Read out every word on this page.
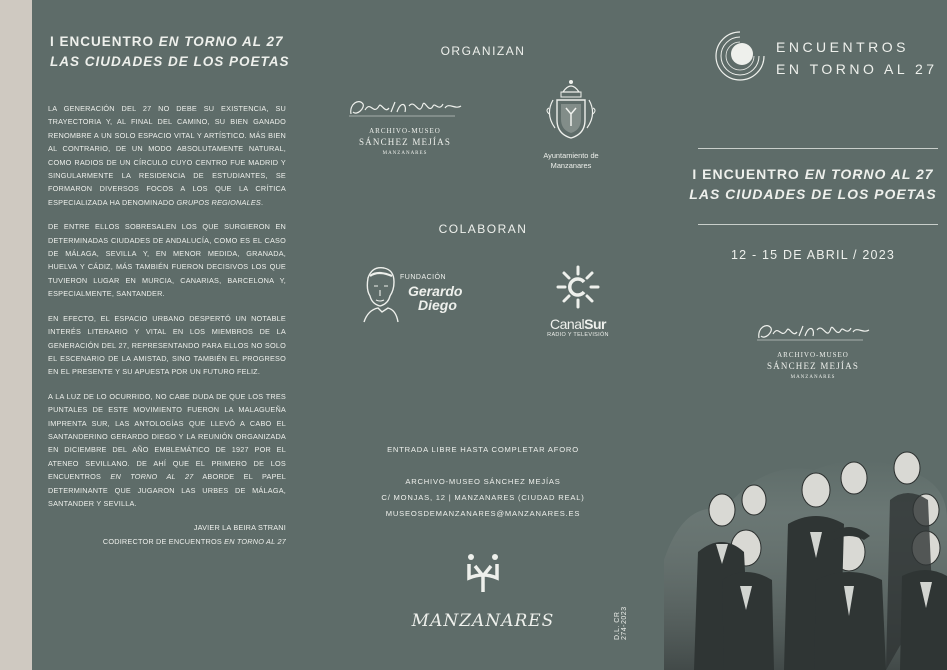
I ENCUENTRO EN TORNO AL 27
LAS CIUDADES DE LOS POETAS

LA GENERACIÓN DEL 27 NO DEBE SU EXISTENCIA, SU TRAYECTORIA Y, AL FINAL DEL CAMINO, SU BIEN GANADO RENOMBRE A UN SOLO ESPACIO VITAL Y ARTÍSTICO. MÁS BIEN AL CONTRARIO, DE UN MODO ABSOLUTAMENTE NATURAL, COMO RADIOS DE UN CÍRCULO CUYO CENTRO FUE MADRID Y SINGULARMENTE LA RESIDENCIA DE ESTUDIANTES, SE FORMARON DIVERSOS FOCOS A LOS QUE LA CRÍTICA ESPECIALIZADA HA DENOMINADO GRUPOS REGIONALES.

DE ENTRE ELLOS SOBRESALEN LOS QUE SURGIERON EN DETERMINADAS CIUDADES DE ANDALUCÍA, COMO ES EL CASO DE MÁLAGA, SEVILLA Y, EN MENOR MEDIDA, GRANADA, HUELVA Y CÁDIZ, MÁS TAMBIÉN FUERON DECISIVOS LOS QUE TUVIERON LUGAR EN MURCIA, CANARIAS, BARCELONA Y, ESPECIALMENTE, SANTANDER.

EN EFECTO, EL ESPACIO URBANO DESPERTÓ UN NOTABLE INTERÉS LITERARIO Y VITAL EN LOS MIEMBROS DE LA GENERACIÓN DEL 27, REPRESENTANDO PARA ELLOS NO SOLO EL ESCENARIO DE LA AMISTAD, SINO TAMBIÉN EL PROGRESO EN EL PRESENTE Y SU APUESTA POR UN FUTURO FELIZ.

A LA LUZ DE LO OCURRIDO, NO CABE DUDA DE QUE LOS TRES PUNTALES DE ESTE MOVIMIENTO FUERON LA MALAGUEÑA IMPRENTA SUR, LAS ANTOLOGÍAS QUE LLEVÓ A CABO EL SANTANDERINO GERARDO DIEGO Y LA REUNIÓN ORGANIZADA EN DICIEMBRE DEL AÑO EMBLEMÁTICO DE 1927 POR EL ATENEO SEVILLANO. DE AHÍ QUE EL PRIMERO DE LOS ENCUENTROS EN TORNO AL 27 ABORDE EL PAPEL DETERMINANTE QUE JUGARON LAS URBES DE MÁLAGA, SANTANDER Y SEVILLA.

JAVIER LA BEIRA STRANI
CODIRECTOR DE ENCUENTROS EN TORNO AL 27
ORGANIZAN
ARCHIVO-MUSEO
SÁNCHEZ MEJÍAS
MANZANARES	Ayuntamiento de
Manzanares
COLABORAN
FUNDACIÓN
Gerardo
Diego
CanalSur
RADIO Y TELEVISIÓN
ENTRADA LIBRE HASTA COMPLETAR AFORO
ARCHIVO-MUSEO SÁNCHEZ MEJÍAS
C/ MONJAS, 12 | MANZANARES (CIUDAD REAL)
MUSEOSDEMANZANARES@MANZANARES.ES
MANZANARES	D.L. CR 274-2023
ENCUENTROS
EN TORNO AL 27
I ENCUENTRO EN TORNO AL 27
LAS CIUDADES DE LOS POETAS
12 - 15 DE ABRIL / 2023
ARCHIVO-MUSEO
SÁNCHEZ MEJÍAS
MANZANARES
